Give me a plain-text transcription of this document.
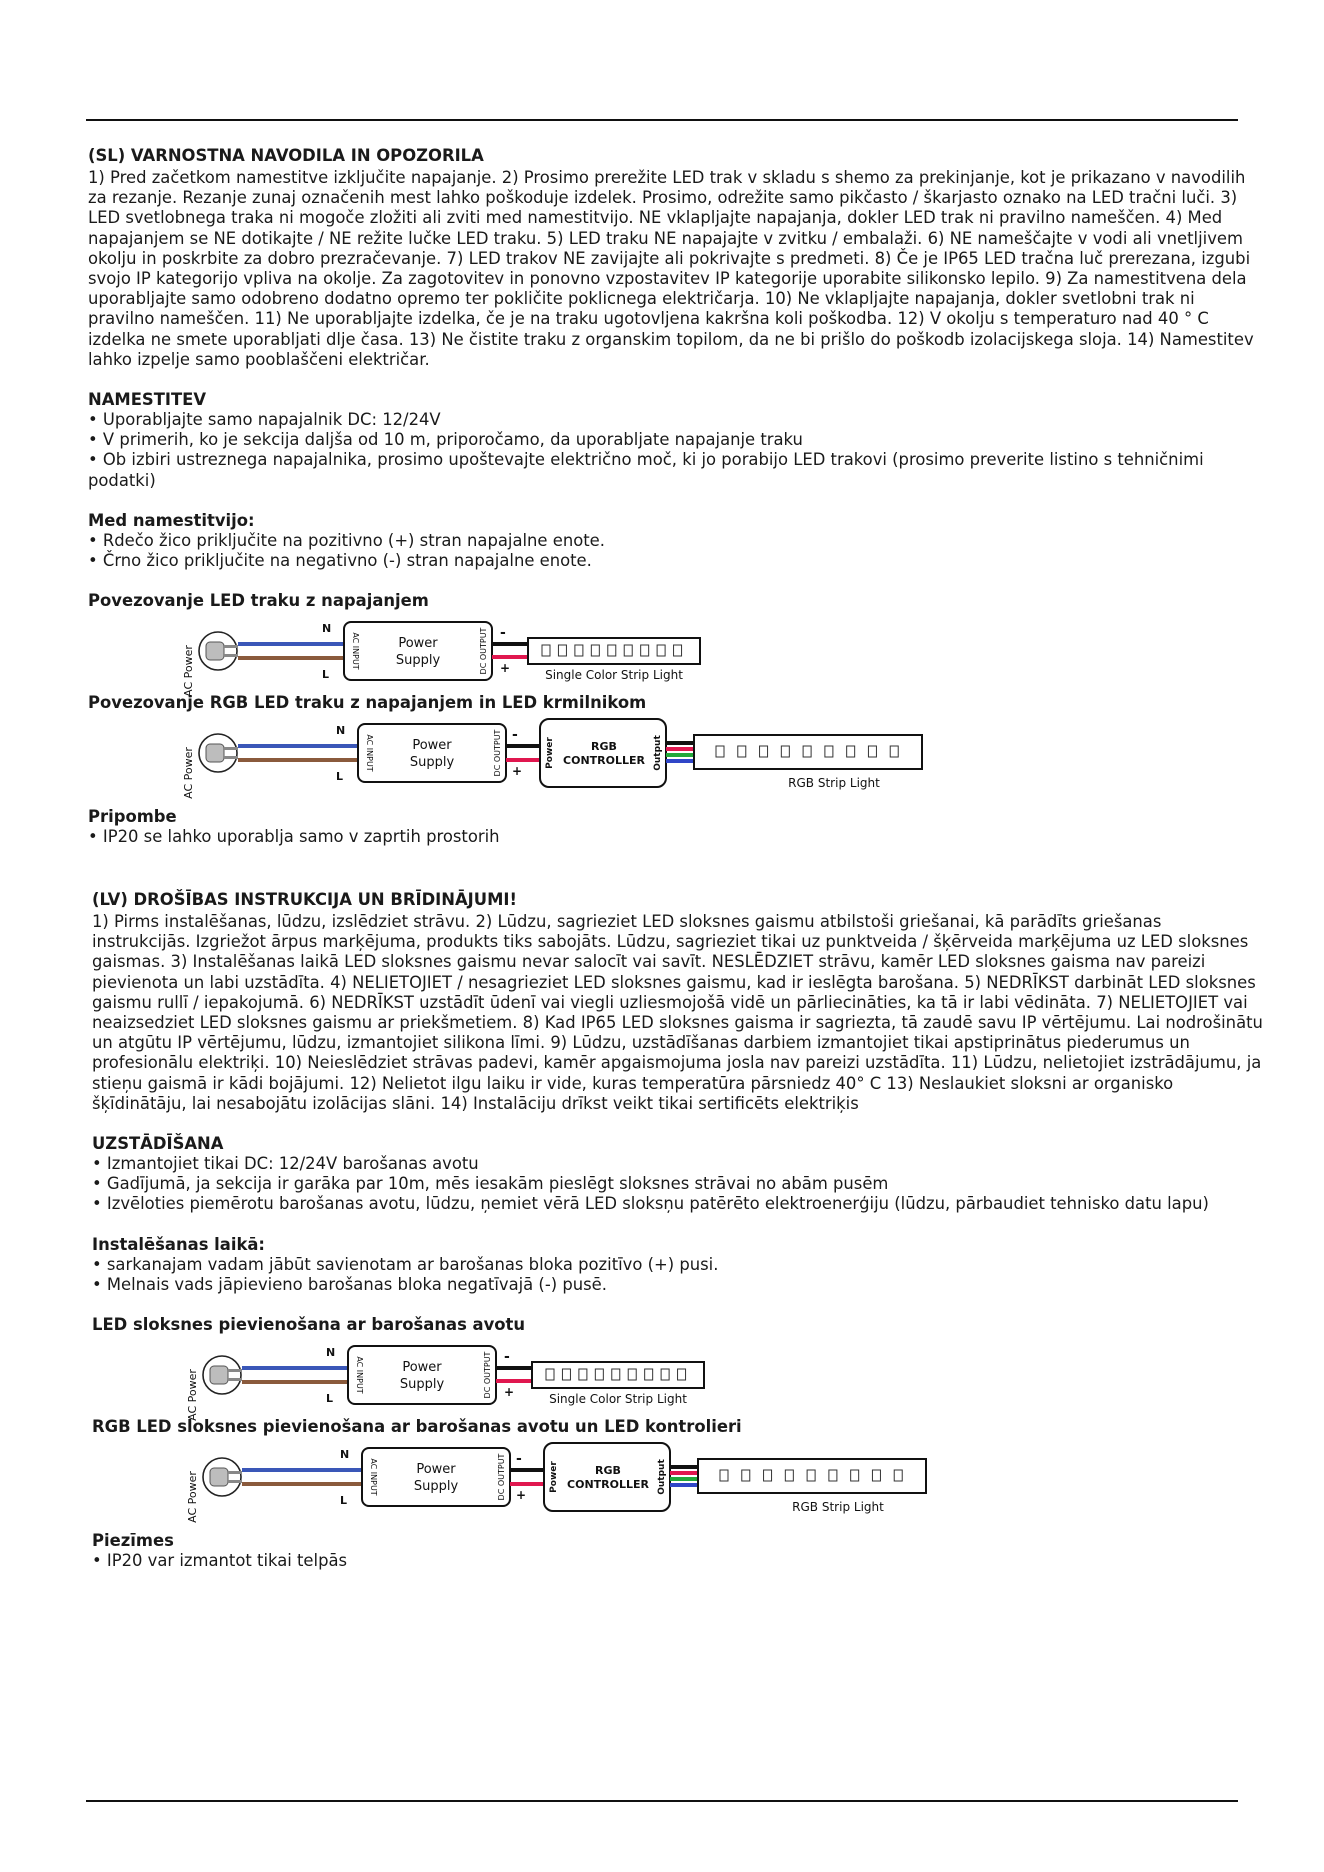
(SL) VARNOSTNA NAVODILA IN OPOZORILA

1) Pred začetkom namestitve izključite napajanje. 2) Prosimo prerežite LED trak v skladu s shemo za prekinjanje, kot je prikazano v navodilih za rezanje. Rezanje zunaj označenih mest lahko poškoduje izdelek. Prosimo, odrežite samo pikčasto / škarjasto oznako na LED tračni luči. 3) LED svetlobnega traka ni mogoče zložiti ali zviti med namestitvijo. NE vklapljajte napajanja, dokler LED trak ni pravilno nameščen. 4) Med napajanjem se NE dotikajte / NE režite lučke LED traku. 5) LED traku NE napajajte v zvitku / embalaži. 6) NE nameščajte v vodi ali vnetljivem okolju in poskrbite za dobro prezračevanje. 7) LED trakov NE zavijajte ali pokrivajte s predmeti. 8) Če je IP65 LED tračna luč prerezana, izgubi svojo IP kategorijo vpliva na okolje. Za zagotovitev in ponovno vzpostavitev IP kategorije uporabite silikonsko lepilo. 9) Za namestitvena dela uporabljajte samo odobreno dodatno opremo ter pokličite poklicnega električarja. 10) Ne vklapljajte napajanja, dokler svetlobni trak ni pravilno nameščen. 11) Ne uporabljajte izdelka, če je na traku ugotovljena kakršna koli poškodba. 12) V okolju s temperaturo nad 40 ° C izdelka ne smete uporabljati dlje časa. 13) Ne čistite traku z organskim topilom, da ne bi prišlo do poškodb izolacijskega sloja. 14) Namestitev lahko izpelje samo pooblaščeni električar.

NAMESTITEV
• Uporabljajte samo napajalnik DC: 12/24V
• V primerih, ko je sekcija daljša od 10 m, priporočamo, da uporabljate napajanje traku
• Ob izbiri ustreznega napajalnika, prosimo upoštevajte električno moč, ki jo porabijo LED trakovi (prosimo preverite listino s tehničnimi podatki)
Med namestitvijo:
• Rdečo žico priključite na pozitivno (+) stran napajalne enote.
• Črno žico priključite na negativno (-) stran napajalne enote.
Povezovanje LED traku z napajanjem
AC Power
N
L
AC INPUT	DC OUTPUT
Power
Supply
-
+	Single Color Strip Light
Povezovanje RGB LED traku z napajanjem in LED krmilnikom
AC Power
N
L
AC INPUT	DC OUTPUT
Power
Supply
-
+
Power	Output
RGB
CONTROLLER
RGB Strip Light
Pripombe
• IP20 se lahko uporablja samo v zaprtih prostorih
(LV) DROŠĪBAS INSTRUKCIJA UN BRĪDINĀJUMI!

1) Pirms instalēšanas, lūdzu, izslēdziet strāvu. 2) Lūdzu, sagrieziet LED sloksnes gaismu atbilstoši griešanai, kā parādīts griešanas instrukcijās. Izgriežot ārpus marķējuma, produkts tiks sabojāts. Lūdzu, sagrieziet tikai uz punktveida / šķērveida marķējuma uz LED sloksnes gaismas. 3) Instalēšanas laikā LED sloksnes gaismu nevar salocīt vai savīt. NESLĒDZIET strāvu, kamēr LED sloksnes gaisma nav pareizi pievienota un labi uzstādīta. 4) NELIETOJIET / nesagrieziet LED sloksnes gaismu, kad ir ieslēgta barošana. 5) NEDRĪKST darbināt LED sloksnes gaismu rullī / iepakojumā. 6) NEDRĪKST uzstādīt ūdenī vai viegli uzliesmojošā vidē un pārliecināties, ka tā ir labi vēdināta. 7) NELIETOJIET vai neaizsedziet LED sloksnes gaismu ar priekšmetiem. 8) Kad IP65 LED sloksnes gaisma ir sagriezta, tā zaudē savu IP vērtējumu. Lai nodrošinātu un atgūtu IP vērtējumu, lūdzu, izmantojiet silikona līmi. 9) Lūdzu, uzstādīšanas darbiem izmantojiet tikai apstiprinātus piederumus un profesionālu elektriķi. 10) Neieslēdziet strāvas padevi, kamēr apgaismojuma josla nav pareizi uzstādīta. 11) Lūdzu, nelietojiet izstrādājumu, ja stieņu gaismā ir kādi bojājumi. 12) Nelietot ilgu laiku ir vide, kuras temperatūra pārsniedz 40° C 13) Neslaukiet sloksni ar organisko šķīdinātāju, lai nesabojātu izolācijas slāni. 14) Instalāciju drīkst veikt tikai sertificēts elektriķis

UZSTĀDĪŠANA
• Izmantojiet tikai DC: 12/24V barošanas avotu
• Gadījumā, ja sekcija ir garāka par 10m, mēs iesakām pieslēgt sloksnes strāvai no abām pusēm
• Izvēloties piemērotu barošanas avotu, lūdzu, ņemiet vērā LED sloksņu patērēto elektroenerģiju (lūdzu, pārbaudiet tehnisko datu lapu)
Instalēšanas laikā:
• sarkanajam vadam jābūt savienotam ar barošanas bloka pozitīvo (+) pusi.
• Melnais vads jāpievieno barošanas bloka negatīvajā (-) pusē.
LED sloksnes pievienošana ar barošanas avotu
AC Power
N
L
AC INPUT	DC OUTPUT
Power
Supply
-
+	Single Color Strip Light
RGB LED sloksnes pievienošana ar barošanas avotu un LED kontrolieri
AC Power
N
L
AC INPUT	DC OUTPUT
Power
Supply
-
+
Power	Output
RGB
CONTROLLER
RGB Strip Light
Piezīmes
• IP20 var izmantot tikai telpās
